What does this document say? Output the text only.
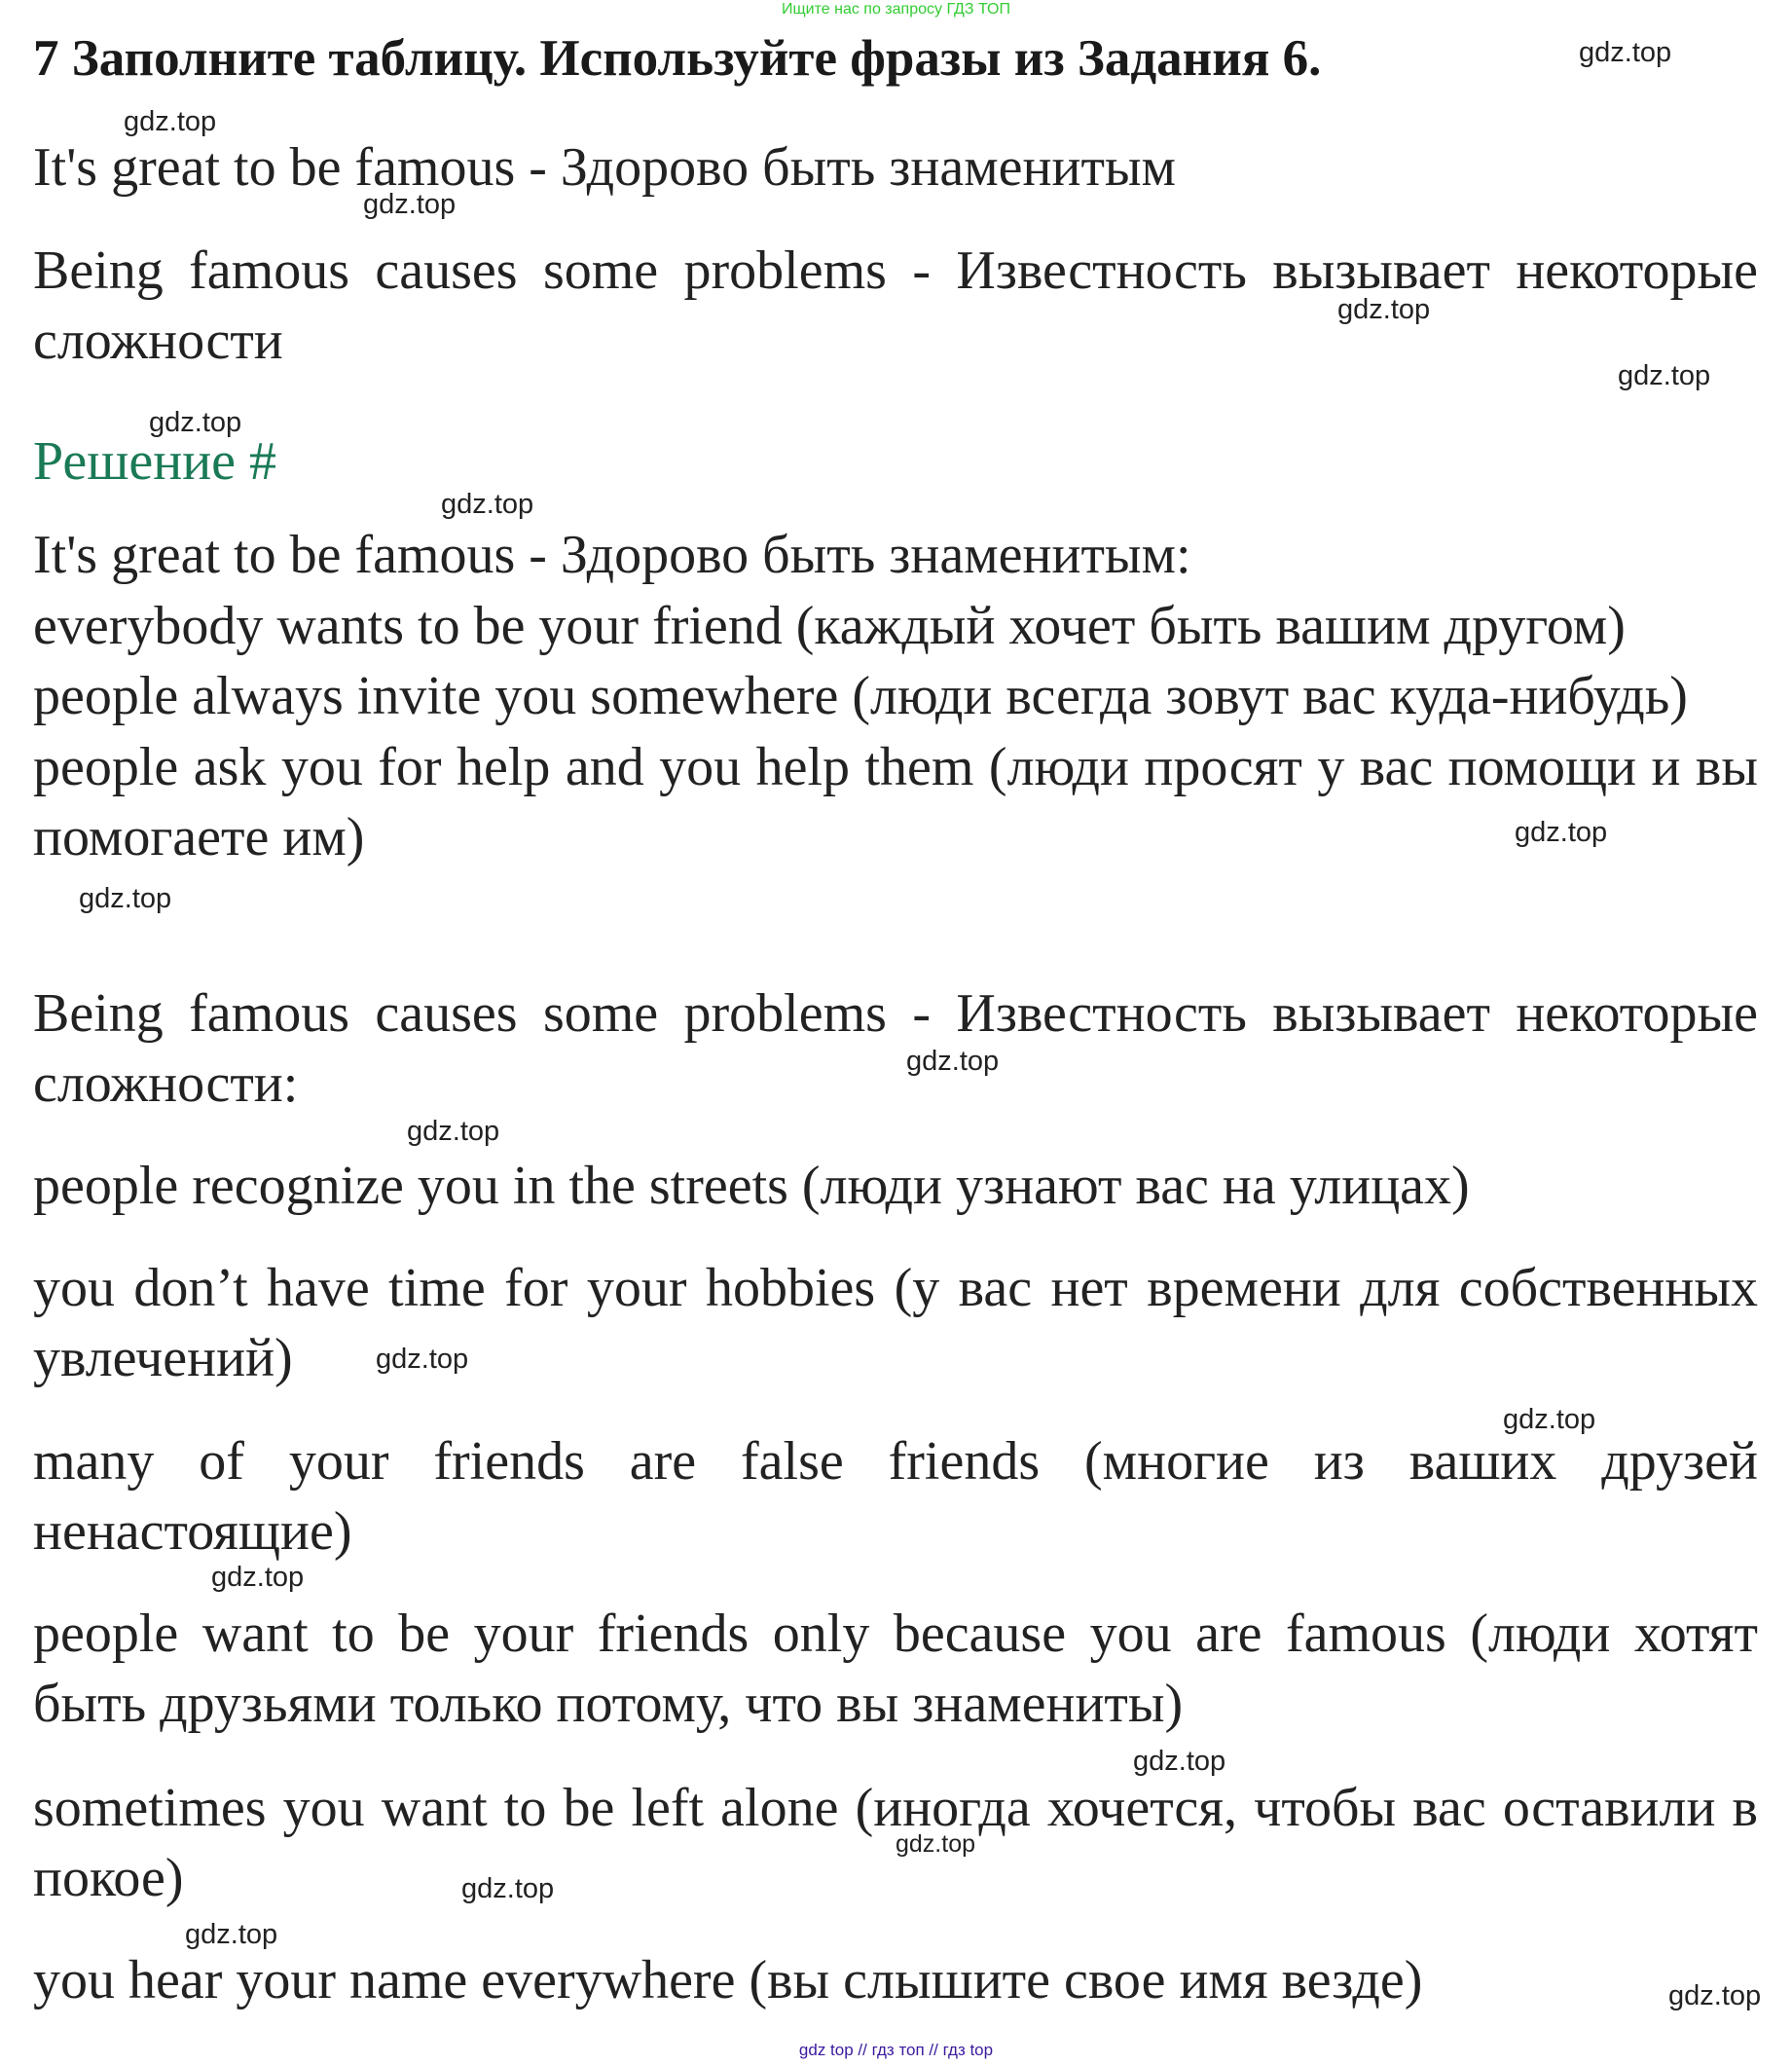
Ищите нас по запросу ГДЗ ТОП
7 Заполните таблицу. Используйте фразы из Задания 6.
It's great to be famous - Здорово быть знаменитым
Being famous causes some problems - Известность вызывает некоторые сложности
Решение #
It's great to be famous - Здорово быть знаменитым:
everybody wants to be your friend (каждый хочет быть вашим другом)
people always invite you somewhere (люди всегда зовут вас куда-нибудь)
people ask you for help and you help them (люди просят у вас помощи и вы помогаете им)
Being famous causes some problems - Известность вызывает некоторые сложности:
people recognize you in the streets (люди узнают вас на улицах)
you don’t have time for your hobbies (у вас нет времени для собственных увлечений)
many of your friends are false friends (многие из ваших друзей ненастоящие)
people want to be your friends only because you are famous (люди хотят быть друзьями только потому, что вы знамениты)
sometimes you want to be left alone (иногда хочется, чтобы вас оставили в покое)
you hear your name everywhere (вы слышите свое имя везде)
gdz.top
gdz.top
gdz.top
gdz.top
gdz.top
gdz.top
gdz.top
gdz.top
gdz.top
gdz.top
gdz.top
gdz.top
gdz.top
gdz.top
gdz.top
gdz.top
gdz.top
gdz.top
gdz.top
gdz top // гдз топ // гдз top
